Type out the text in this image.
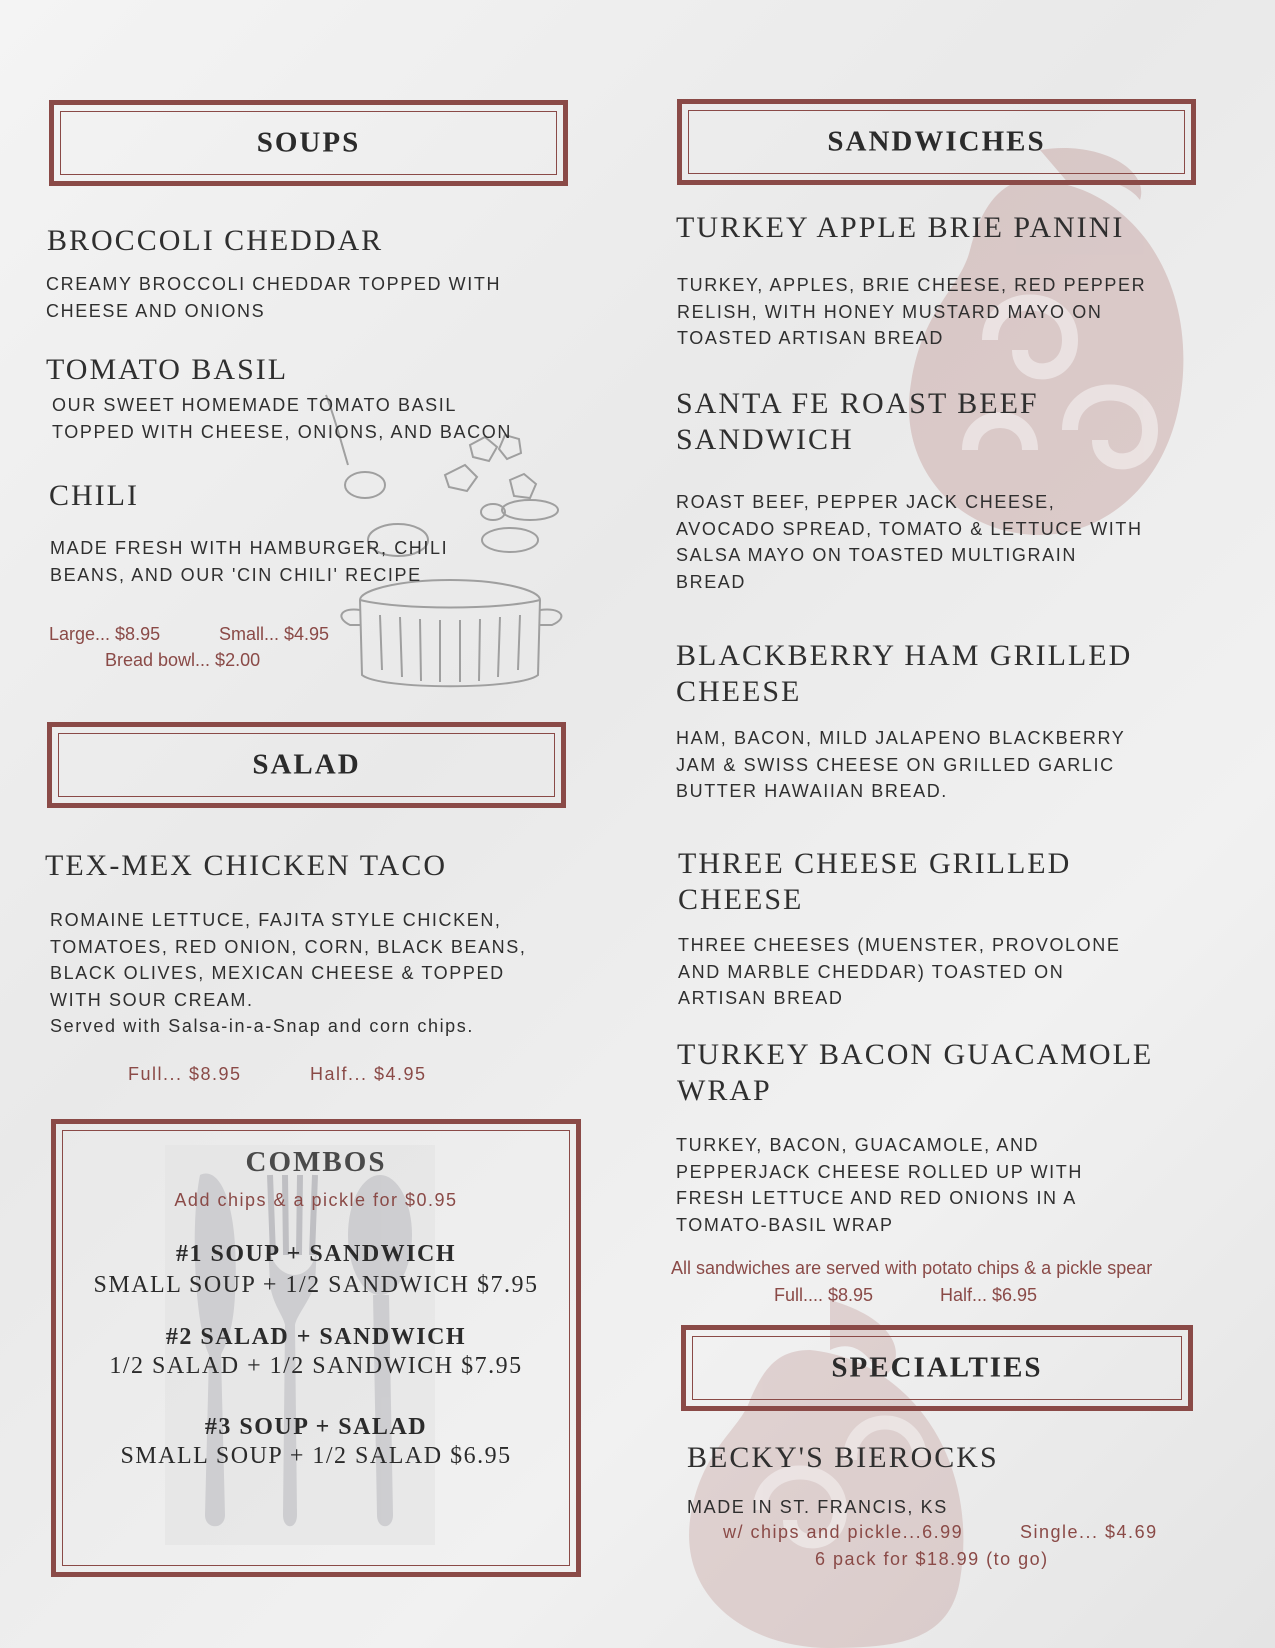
SOUPS
BROCCOLI CHEDDAR
CREAMY BROCCOLI CHEDDAR TOPPED WITH
CHEESE AND ONIONS
TOMATO BASIL
OUR SWEET HOMEMADE TOMATO BASIL
TOPPED WITH CHEESE, ONIONS, AND BACON
CHILI
MADE FRESH WITH HAMBURGER, CHILI
BEANS, AND OUR 'CIN CHILI' RECIPE
Large... $8.95	Small... $4.95
Bread bowl... $2.00
SALAD
TEX-MEX CHICKEN TACO
ROMAINE LETTUCE, FAJITA STYLE CHICKEN,
TOMATOES, RED ONION, CORN, BLACK BEANS,
BLACK OLIVES, MEXICAN CHEESE & TOPPED
WITH SOUR CREAM.
Served with Salsa-in-a-Snap and corn chips.
Full... $8.95	Half... $4.95
COMBOS
Add chips & a pickle for $0.95
#1 SOUP + SANDWICH
SMALL SOUP + 1/2 SANDWICH $7.95
#2 SALAD + SANDWICH
1/2 SALAD + 1/2 SANDWICH $7.95
#3 SOUP + SALAD
SMALL SOUP + 1/2 SALAD $6.95
SANDWICHES
TURKEY APPLE BRIE PANINI
TURKEY, APPLES, BRIE CHEESE, RED PEPPER
RELISH, WITH HONEY MUSTARD MAYO ON
TOASTED ARTISAN BREAD
SANTA FE ROAST BEEF
SANDWICH
ROAST BEEF, PEPPER JACK CHEESE,
AVOCADO SPREAD, TOMATO & LETTUCE WITH
SALSA MAYO ON TOASTED MULTIGRAIN
BREAD
BLACKBERRY HAM GRILLED
CHEESE
HAM, BACON, MILD JALAPENO BLACKBERRY
JAM & SWISS CHEESE ON GRILLED GARLIC
BUTTER HAWAIIAN BREAD.
THREE CHEESE GRILLED
CHEESE
THREE CHEESES (MUENSTER, PROVOLONE
AND MARBLE CHEDDAR) TOASTED ON
ARTISAN BREAD
TURKEY BACON GUACAMOLE
WRAP
TURKEY, BACON, GUACAMOLE, AND
PEPPERJACK CHEESE ROLLED UP WITH
FRESH LETTUCE AND RED ONIONS IN A
TOMATO-BASIL WRAP
All sandwiches are served with potato chips & a pickle spear
Full.... $8.95	Half... $6.95
SPECIALTIES
BECKY'S BIEROCKS
MADE IN ST. FRANCIS, KS
w/ chips and pickle...6.99	Single... $4.69
6 pack for $18.99 (to go)
